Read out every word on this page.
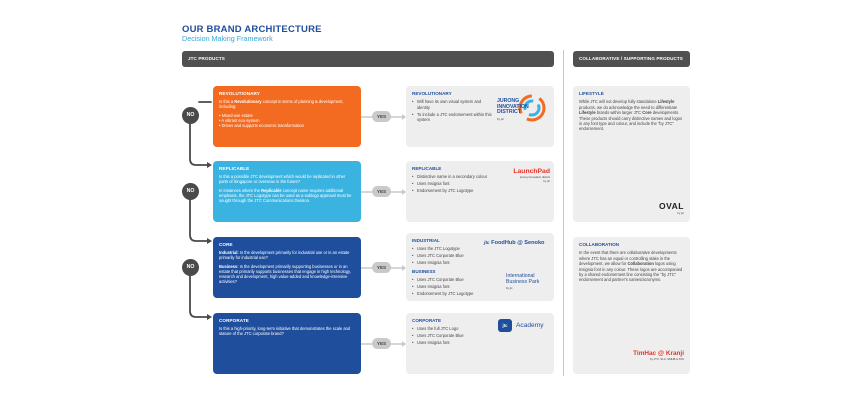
OUR BRAND ARCHITECTURE
Decision Making Framework
JTC PRODUCTS	COLLABORATIVE / SUPPORTING PRODUCTS
NO
NO
NO
YES
YES
YES
YES
REVOLUTIONARY

Is this a Revolutionary concept in terms of planning & development, including:

• Mixed-use estate
• A vibrant eco-system
• Drives and supports economic transformation
REPLICABLE

Is this a possible JTC development which would be replicated in other parts of Singapore or overseas in the future?

In instances where the Replicable concept name requires additional emphasis, the JTC Logotype can be used as a sublogo approval must be sought through the JTC Communications Division.

CORE

Industrial: Is the development primarily for industrial use or in an estate primarily for industrial use?

Business: Is the development primarily supporting businesses or in an estate that primarily supports businesses that engage in high technology, research and development, high value-added and knowledge-intensive activities?

CORPORATE

Is this a high-priority, long-term initiative that demonstrates the scale and stature of the JTC corporate brand?

REVOLUTIONARY
• Will have its own visual system and identity
• To include a JTC endorsement within this system
JURONG
INNOVATION
DISTRICT
by jtc
REPLICABLE
• Distinctive name in a secondary colour
• Uses Insignia font
• Endorsement by JTC Logotype
LaunchPad
jurong innovation district
by jtc
INDUSTRIAL
• Uses the JTC Logotype
• Uses JTC Corporate Blue
• Uses Insignia font
BUSINESS
• Uses JTC Corporate Blue
• Uses Insignia font
• Endorsement by JTC Logotype
jtc FoodHub @ Senoko
International
Business Park
by jtc
CORPORATE
• Uses the full JTC Logo
• Uses JTC Corporate Blue
• Uses Insignia font
jtc	Academy
LIFESTYLE

While JTC will not develop fully standalone Lifestyle products, we do acknowledge the need to differentiate Lifestyle brands within larger JTC Core developments. These products should carry distinctive names and logos in any font type and colour, and include the "by JTC" endorsement.

OVAL
by jtc
COLLABORATION

In the event that there are collaborative developments where JTC has an equal or controlling stake in the development, we allow for Collaboration logos using Insignia font in any colour. These logos are accompanied by a shared endorsement line consisting the "by JTC" endorsement and partner's names/acronyms.

TimHac @ Kranji
by JTC, SLA, SMHB & STA
